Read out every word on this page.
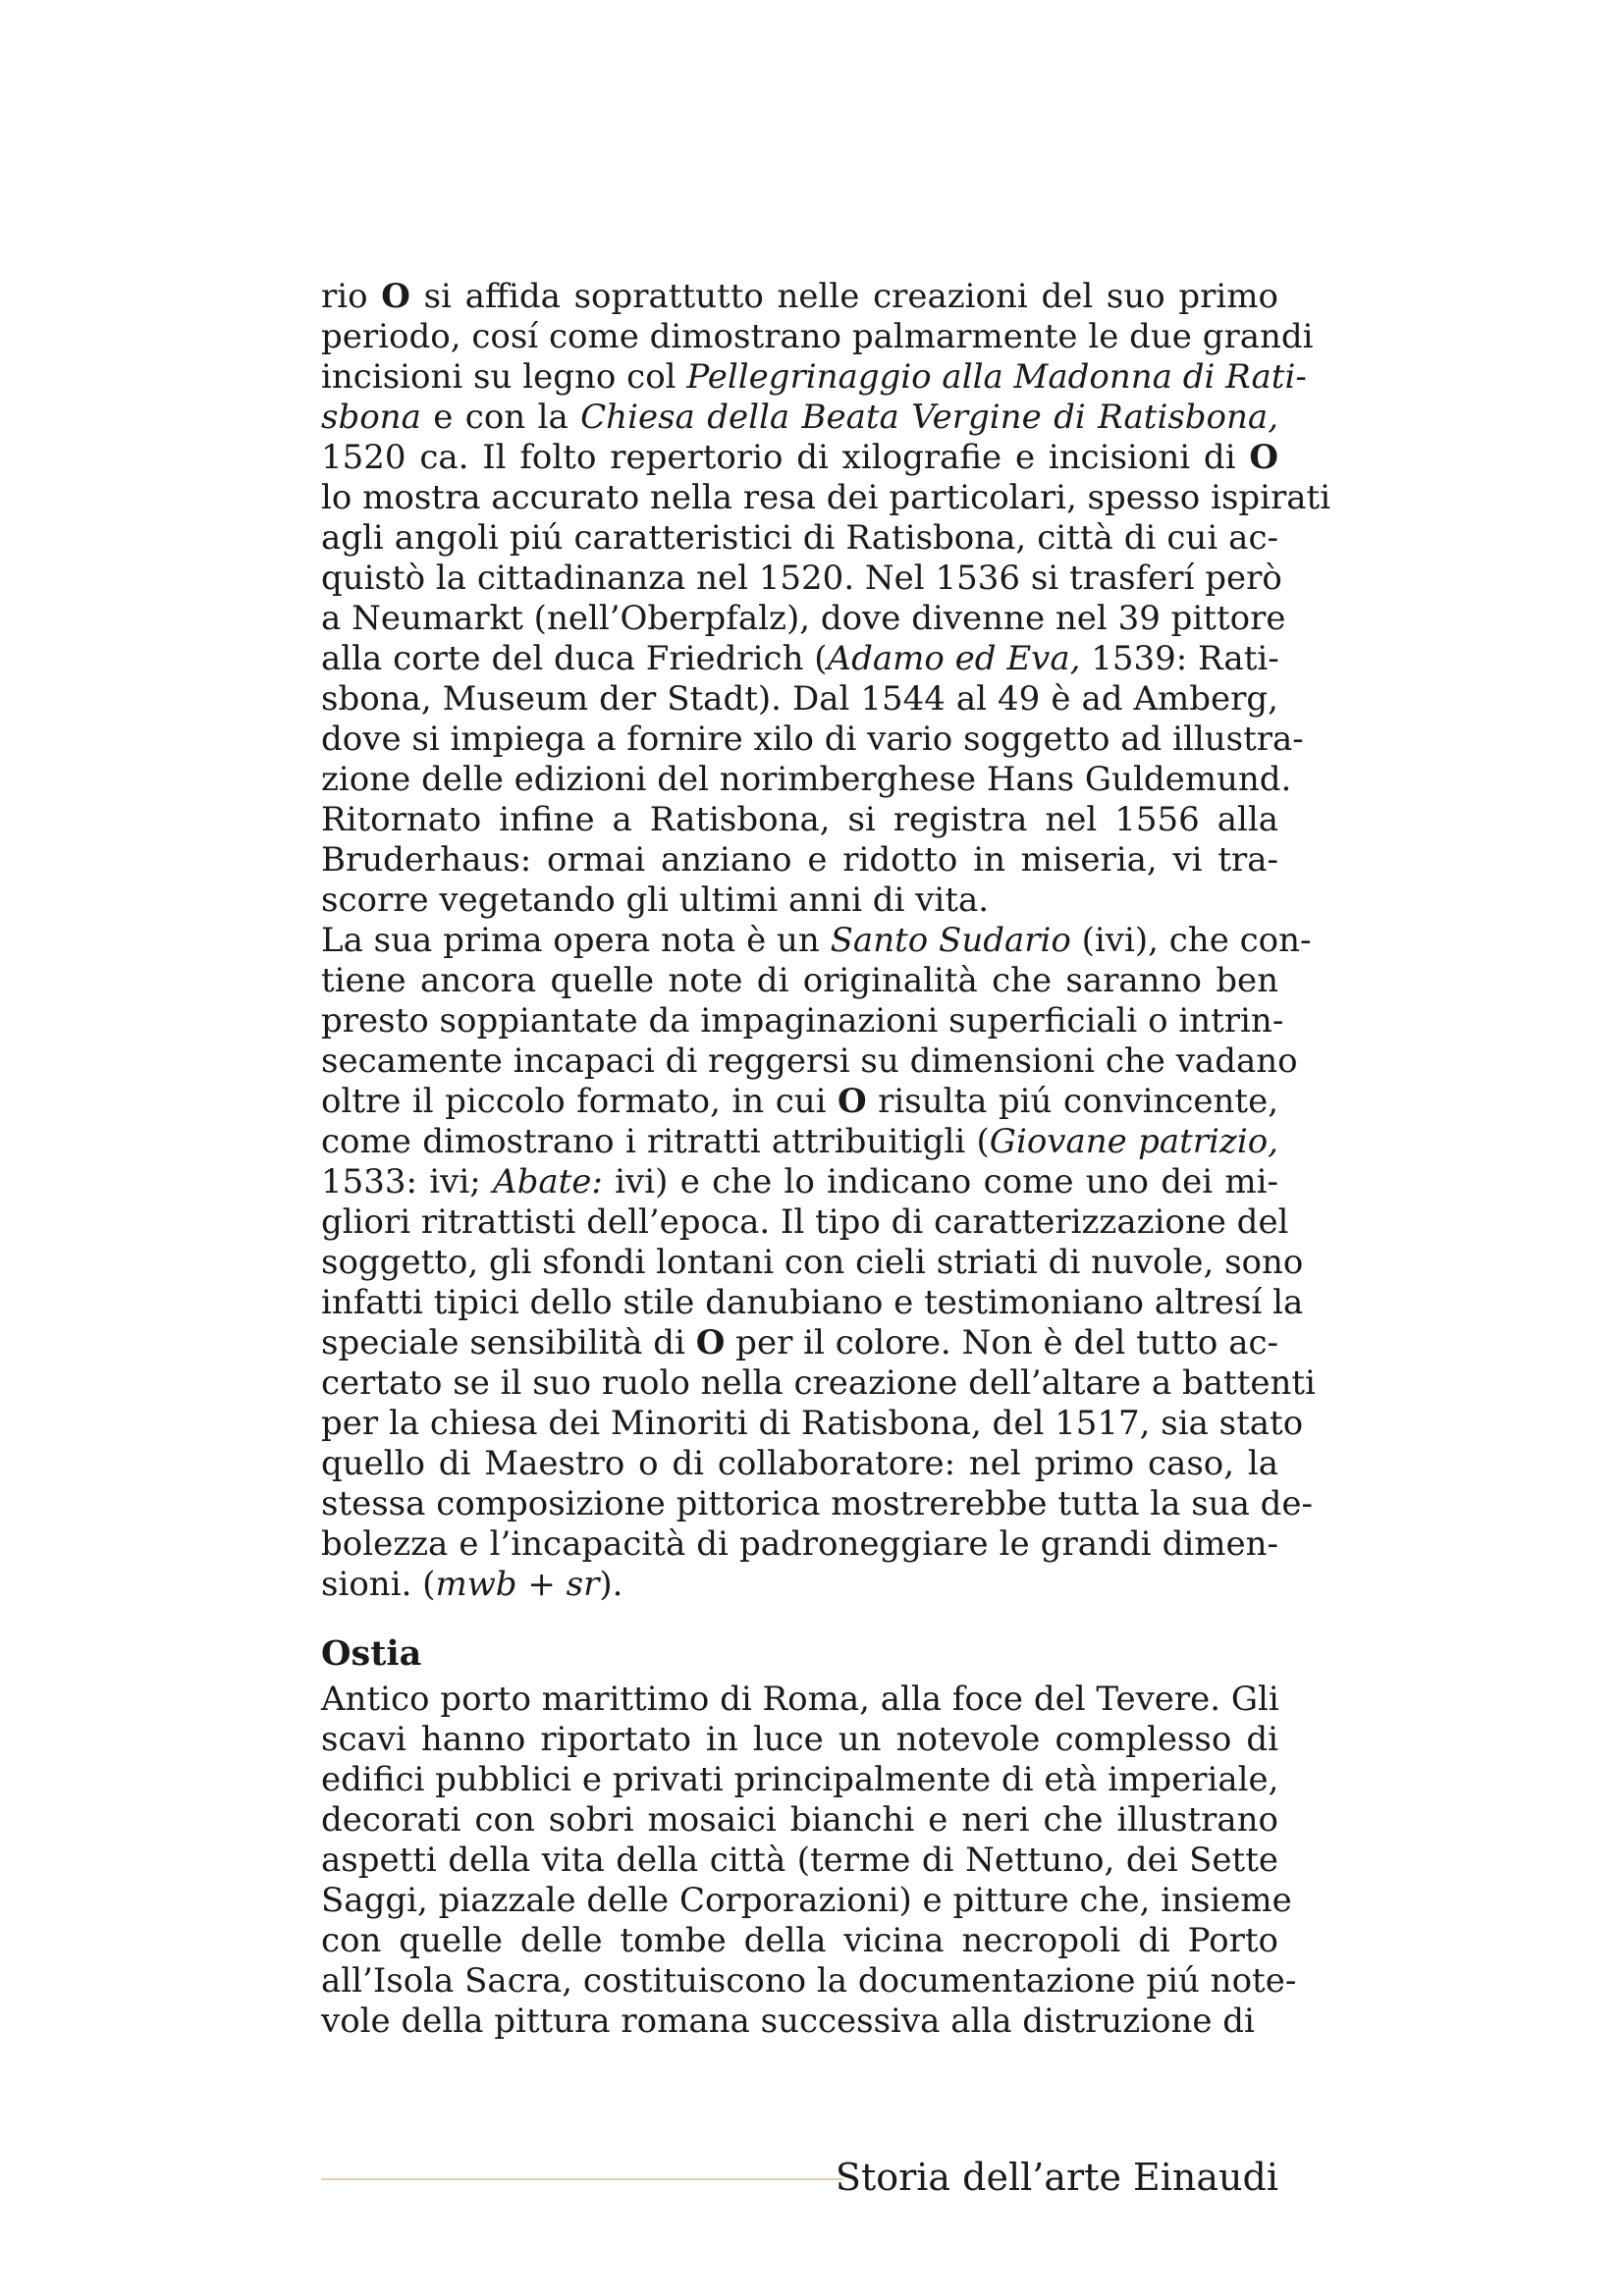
rio O si affida soprattutto nelle creazioni del suo primo
periodo, cosí come dimostrano palmarmente le due grandi
incisioni su legno col Pellegrinaggio alla Madonna di Rati-
sbona e con la Chiesa della Beata Vergine di Ratisbona,
1520 ca. Il folto repertorio di xilografie e incisioni di O
lo mostra accurato nella resa dei particolari, spesso ispirati
agli angoli piú caratteristici di Ratisbona, città di cui ac-
quistò la cittadinanza nel 1520. Nel 1536 si trasferí però
a Neumarkt (nell’Oberpfalz), dove divenne nel 39 pittore
alla corte del duca Friedrich (Adamo ed Eva, 1539: Rati-
sbona, Museum der Stadt). Dal 1544 al 49 è ad Amberg,
dove si impiega a fornire xilo di vario soggetto ad illustra-
zione delle edizioni del norimberghese Hans Guldemund.
Ritornato infine a Ratisbona, si registra nel 1556 alla
Bruderhaus: ormai anziano e ridotto in miseria, vi tra-
scorre vegetando gli ultimi anni di vita.

La sua prima opera nota è un Santo Sudario (ivi), che con-
tiene ancora quelle note di originalità che saranno ben
presto soppiantate da impaginazioni superficiali o intrin-
secamente incapaci di reggersi su dimensioni che vadano
oltre il piccolo formato, in cui O risulta piú convincente,
come dimostrano i ritratti attribuitigli (Giovane patrizio,
1533: ivi; Abate: ivi) e che lo indicano come uno dei mi-
gliori ritrattisti dell’epoca. Il tipo di caratterizzazione del
soggetto, gli sfondi lontani con cieli striati di nuvole, sono
infatti tipici dello stile danubiano e testimoniano altresí la
speciale sensibilità di O per il colore. Non è del tutto ac-
certato se il suo ruolo nella creazione dell’altare a battenti
per la chiesa dei Minoriti di Ratisbona, del 1517, sia stato
quello di Maestro o di collaboratore: nel primo caso, la
stessa composizione pittorica mostrerebbe tutta la sua de-
bolezza e l’incapacità di padroneggiare le grandi dimen-
sioni. (mwb + sr).

Ostia

Antico porto marittimo di Roma, alla foce del Tevere. Gli
scavi hanno riportato in luce un notevole complesso di
edifici pubblici e privati principalmente di età imperiale,
decorati con sobri mosaici bianchi e neri che illustrano
aspetti della vita della città (terme di Nettuno, dei Sette
Saggi, piazzale delle Corporazioni) e pitture che, insieme
con quelle delle tombe della vicina necropoli di Porto
all’Isola Sacra, costituiscono la documentazione piú note-
vole della pittura romana successiva alla distruzione di

Storia dell’arte Einaudi
